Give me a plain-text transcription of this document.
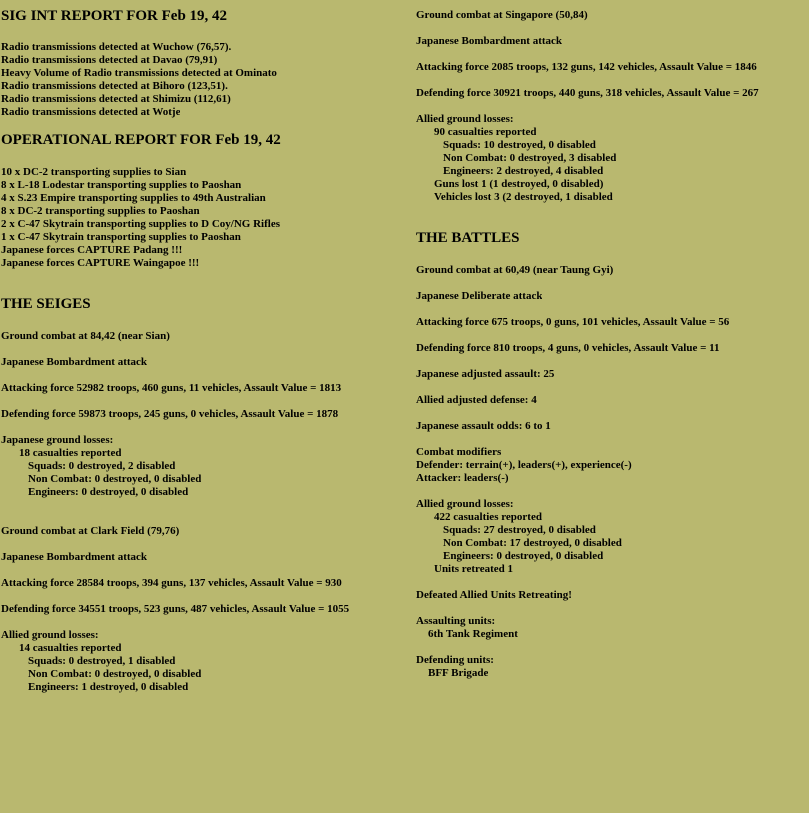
SIG INT REPORT FOR Feb 19, 42
Radio transmissions detected at Wuchow (76,57).
Radio transmissions detected at Davao (79,91)
Heavy Volume of Radio transmissions detected at Ominato
Radio transmissions detected at Bihoro (123,51).
Radio transmissions detected at Shimizu (112,61)
Radio transmissions detected at Wotje
OPERATIONAL REPORT FOR Feb 19, 42
10 x DC-2 transporting supplies to Sian
8 x L-18 Lodestar transporting supplies to Paoshan
4 x S.23 Empire transporting supplies to 49th Australian
8 x DC-2 transporting supplies to Paoshan
2 x C-47 Skytrain transporting supplies to D Coy/NG Rifles
1 x C-47 Skytrain transporting supplies to Paoshan
Japanese forces CAPTURE Padang !!!
Japanese forces CAPTURE Waingapoe !!!
THE SEIGES
Ground combat at 84,42 (near Sian)
Japanese Bombardment attack
Attacking force 52982 troops, 460 guns, 11 vehicles, Assault Value = 1813
Defending force 59873 troops, 245 guns, 0 vehicles, Assault Value = 1878
Japanese ground losses:
18 casualties reported
Squads: 0 destroyed, 2 disabled
Non Combat: 0 destroyed, 0 disabled
Engineers: 0 destroyed, 0 disabled
Ground combat at Clark Field (79,76)
Japanese Bombardment attack
Attacking force 28584 troops, 394 guns, 137 vehicles, Assault Value = 930
Defending force 34551 troops, 523 guns, 487 vehicles, Assault Value = 1055
Allied ground losses:
14 casualties reported
Squads: 0 destroyed, 1 disabled
Non Combat: 0 destroyed, 0 disabled
Engineers: 1 destroyed, 0 disabled
Ground combat at Singapore (50,84)
Japanese Bombardment attack
Attacking force 2085 troops, 132 guns, 142 vehicles, Assault Value = 1846
Defending force 30921 troops, 440 guns, 318 vehicles, Assault Value = 267
Allied ground losses:
90 casualties reported
Squads: 10 destroyed, 0 disabled
Non Combat: 0 destroyed, 3 disabled
Engineers: 2 destroyed, 4 disabled
Guns lost 1 (1 destroyed, 0 disabled)
Vehicles lost 3 (2 destroyed, 1 disabled
THE BATTLES
Ground combat at 60,49 (near Taung Gyi)
Japanese Deliberate attack
Attacking force 675 troops, 0 guns, 101 vehicles, Assault Value = 56
Defending force 810 troops, 4 guns, 0 vehicles, Assault Value = 11
Japanese adjusted assault: 25
Allied adjusted defense: 4
Japanese assault odds: 6 to 1
Combat modifiers
Defender: terrain(+), leaders(+), experience(-)
Attacker: leaders(-)
Allied ground losses:
422 casualties reported
Squads: 27 destroyed, 0 disabled
Non Combat: 17 destroyed, 0 disabled
Engineers: 0 destroyed, 0 disabled
Units retreated 1
Defeated Allied Units Retreating!
Assaulting units:
6th Tank Regiment
Defending units:
BFF Brigade
